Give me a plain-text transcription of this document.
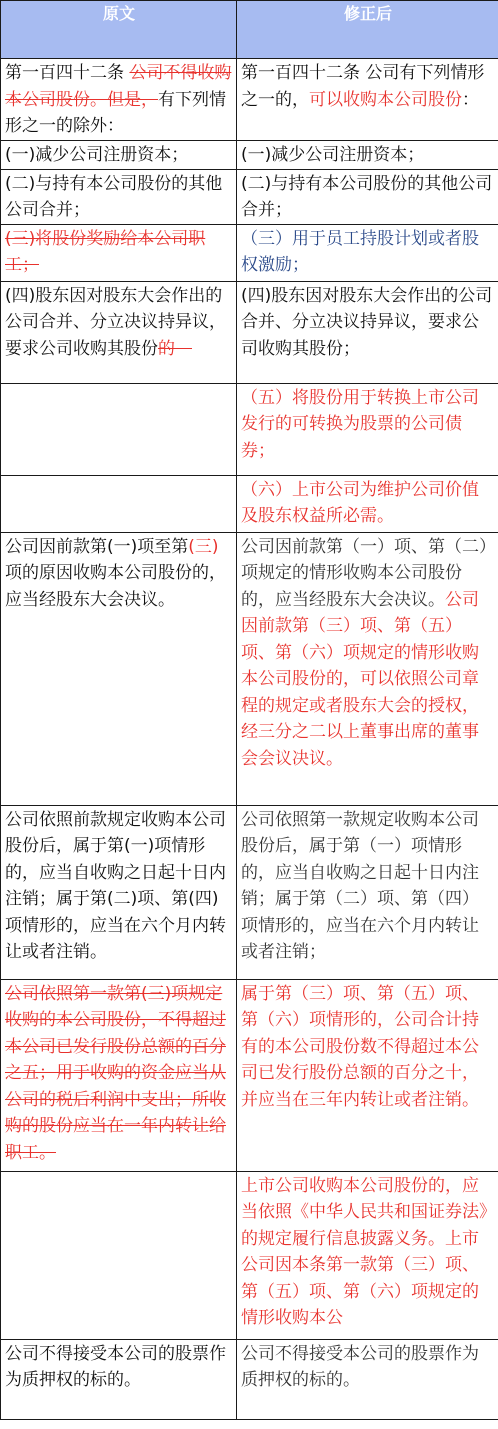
原文	修正后
第一百四十二条 公司不得收购本公司股份。但是，有下列情形之一的除外：	第一百四十二条 公司有下列情形之一的，可以收购本公司股份：
(一)减少公司注册资本；	(一)减少公司注册资本；
(二)与持有本公司股份的其他公司合并；	(二)与持有本公司股份的其他公司合并；
(三)将股份奖励给本公司职工；	（三）用于员工持股计划或者股权激励；
(四)股东因对股东大会作出的公司合并、分立决议持异议，要求公司收购其股份的　	(四)股东因对股东大会作出的公司合并、分立决议持异议，要求公司收购其股份；
	（五）将股份用于转换上市公司发行的可转换为股票的公司债券；
	（六）上市公司为维护公司价值及股东权益所必需。
公司因前款第(一)项至第(三)项的原因收购本公司股份的，应当经股东大会决议。	公司因前款第（一）项、第（二）项规定的情形收购本公司股份的，应当经股东大会决议。公司因前款第（三）项、第（五）项、第（六）项规定的情形收购本公司股份的，可以依照公司章程的规定或者股东大会的授权，经三分之二以上董事出席的董事会会议决议。
公司依照前款规定收购本公司股份后，属于第(一)项情形的，应当自收购之日起十日内注销；属于第(二)项、第(四)项情形的，应当在六个月内转让或者注销。	公司依照第一款规定收购本公司股份后，属于第（一）项情形的，应当自收购之日起十日内注销；属于第（二）项、第（四）项情形的，应当在六个月内转让或者注销；
公司依照第一款第(三)项规定收购的本公司股份，不得超过本公司已发行股份总额的百分之五；用于收购的资金应当从公司的税后利润中支出；所收购的股份应当在一年内转让给职工。	属于第（三）项、第（五）项、第（六）项情形的，公司合计持有的本公司股份数不得超过本公司已发行股份总额的百分之十，并应当在三年内转让或者注销。
	上市公司收购本公司股份的，应当依照《中华人民共和国证券法》的规定履行信息披露义务。上市公司因本条第一款第（三）项、第（五）项、第（六）项规定的情形收购本公
公司不得接受本公司的股票作为质押权的标的。	公司不得接受本公司的股票作为质押权的标的。
